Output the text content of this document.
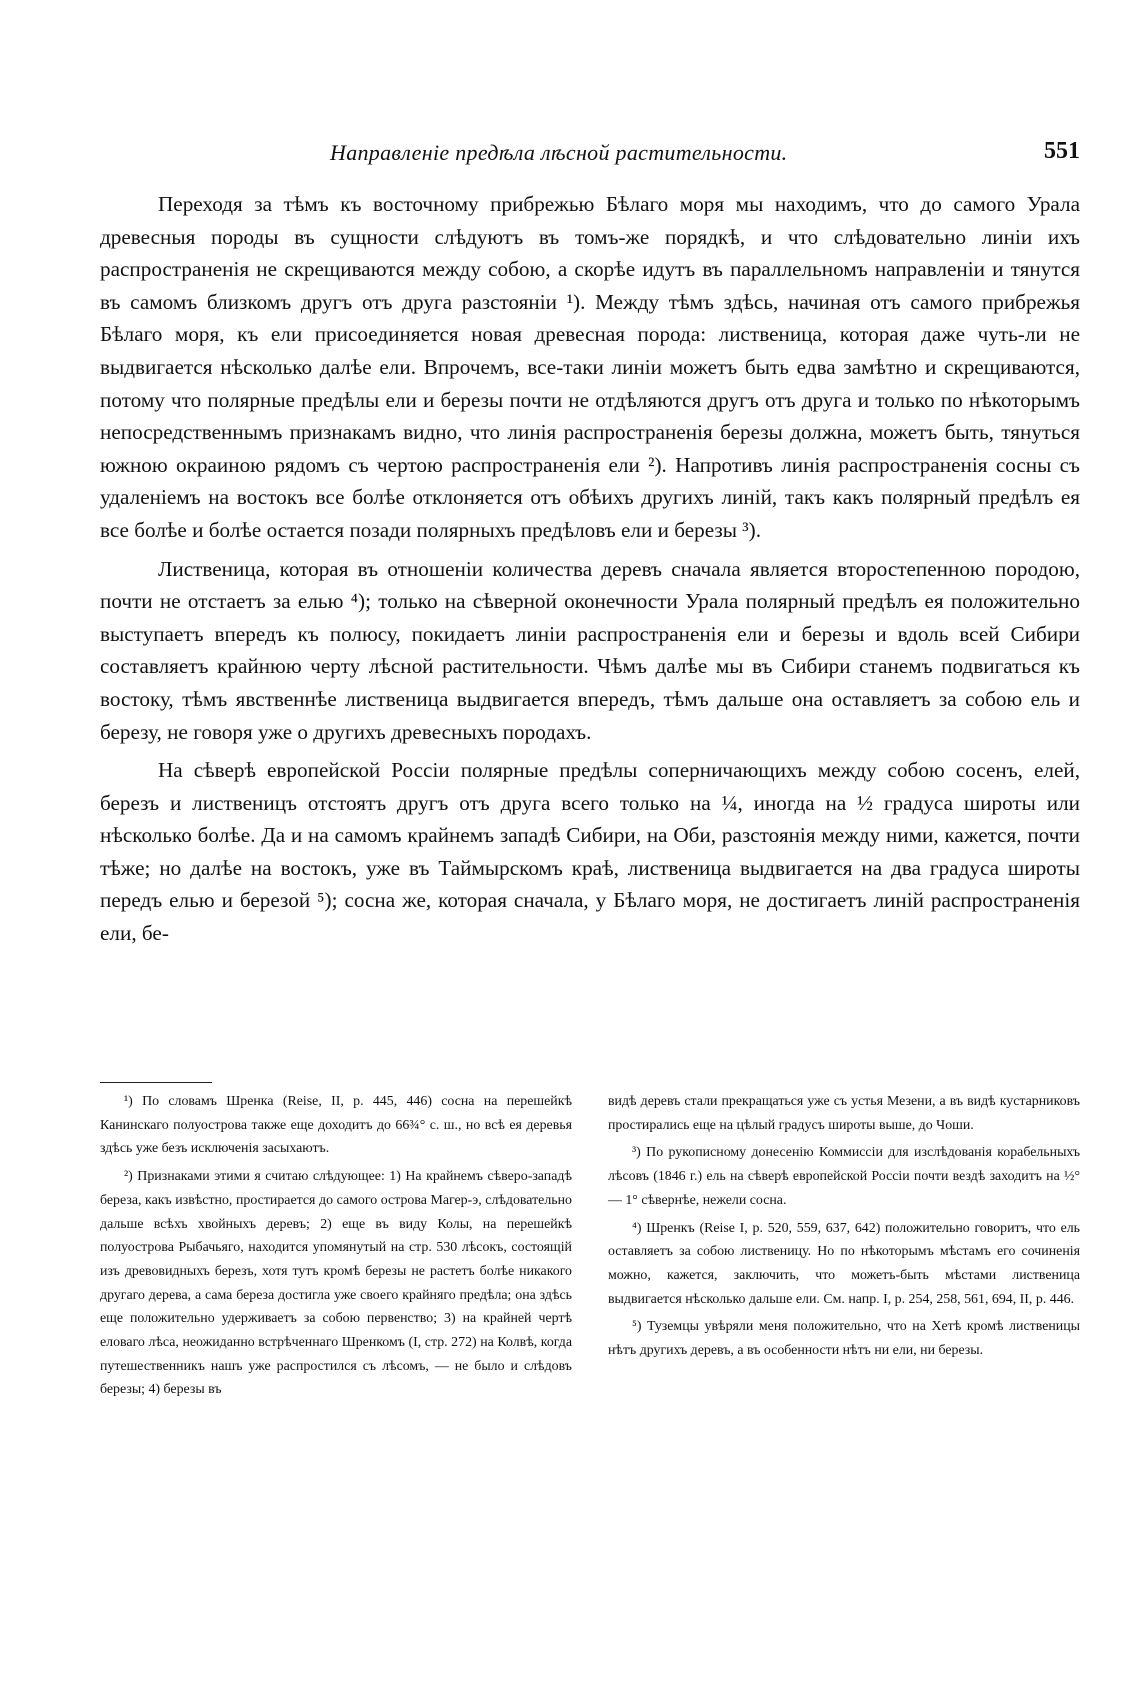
Направленіе предѣла лѣсной растительности.	551

Переходя за тѣмъ къ восточному прибрежью Бѣлаго моря мы находимъ, что до самого Урала древесныя породы въ сущности слѣдуютъ въ томъ-же порядкѣ, и что слѣдовательно линіи ихъ распространенія не скрещиваются между собою, а скорѣе идутъ въ параллельномъ направленіи и тянутся въ самомъ близкомъ другъ отъ друга разстояніи ¹). Между тѣмъ здѣсь, начиная отъ самого прибрежья Бѣлаго моря, къ ели присоединяется новая древесная порода: лиственица, которая даже чуть-ли не выдвигается нѣсколько далѣе ели. Впрочемъ, все-таки линіи можетъ быть едва замѣтно и скрещиваются, потому что полярные предѣлы ели и березы почти не отдѣляются другъ отъ друга и только по нѣкоторымъ непосредственнымъ признакамъ видно, что линія распространенія березы должна, можетъ быть, тянуться южною окраиною рядомъ съ чертою распространенія ели ²). Напротивъ линія распространенія сосны съ удаленіемъ на востокъ все болѣе отклоняется отъ обѣихъ другихъ линій, такъ какъ полярный предѣлъ ея все болѣе и болѣе остается позади полярныхъ предѣловъ ели и березы ³).

Лиственица, которая въ отношеніи количества деревъ сначала является второстепенною породою, почти не отстаетъ за елью ⁴); только на сѣверной оконечности Урала полярный предѣлъ ея положительно выступаетъ впередъ къ полюсу, покидаетъ линіи распространенія ели и березы и вдоль всей Сибири составляетъ крайнюю черту лѣсной растительности. Чѣмъ далѣе мы въ Сибири станемъ подвигаться къ востоку, тѣмъ явственнѣе лиственица выдвигается впередъ, тѣмъ дальше она оставляетъ за собою ель и березу, не говоря уже о другихъ древесныхъ породахъ.

На сѣверѣ европейской Россіи полярные предѣлы соперничающихъ между собою сосенъ, елей, березъ и лиственицъ отстоятъ другъ отъ друга всего только на ¼, иногда на ½ градуса широты или нѣсколько болѣе. Да и на самомъ крайнемъ западѣ Сибири, на Оби, разстоянія между ними, кажется, почти тѣже; но далѣе на востокъ, уже въ Таймырскомъ краѣ, лиственица выдвигается на два градуса широты передъ елью и березой ⁵); сосна же, которая сначала, у Бѣлаго моря, не достигаетъ линій распространенія ели, бе-

¹) По словамъ Шренка (Reise, II, p. 445, 446) сосна на перешейкѣ Канинскаго полуострова также еще доходитъ до 66¾° с. ш., но всѣ ея деревья здѣсь уже безъ исключенія засыхаютъ.

²) Признаками этими я считаю слѣдующее: 1) На крайнемъ сѣверо-западѣ береза, какъ извѣстно, простирается до самого острова Магер-э, слѣдовательно дальше всѣхъ хвойныхъ деревъ; 2) еще въ виду Колы, на перешейкѣ полуострова Рыбачьяго, находится упомянутый на стр. 530 лѣсокъ, состоящій изъ древовидныхъ березъ, хотя тутъ кромѣ березы не растетъ болѣе никакого другаго дерева, а сама береза достигла уже своего крайняго предѣла; она здѣсь еще положительно удерживаетъ за собою первенство; 3) на крайней чертѣ еловаго лѣса, неожиданно встрѣченнаго Шренкомъ (I, стр. 272) на Колвѣ, когда путешественникъ нашъ уже распростился съ лѣсомъ, — не было и слѣдовъ березы; 4) березы въ

видѣ деревъ стали прекращаться уже съ устья Мезени, а въ видѣ кустарниковъ простирались еще на цѣлый градусъ широты выше, до Чоши.

³) По рукописному донесенію Коммиссіи для изслѣдованія корабельныхъ лѣсовъ (1846 г.) ель на сѣверѣ европейской Россіи почти вездѣ заходитъ на ½° — 1° сѣвернѣе, нежели сосна.

⁴) Шренкъ (Reise I, p. 520, 559, 637, 642) положительно говоритъ, что ель оставляетъ за собою лиственицу. Но по нѣкоторымъ мѣстамъ его сочиненія можно, кажется, заключить, что можетъ-быть мѣстами лиственица выдвигается нѣсколько дальше ели. См. напр. I, p. 254, 258, 561, 694, II, p. 446.

⁵) Туземцы увѣряли меня положительно, что на Хетѣ кромѣ лиственицы нѣтъ другихъ деревъ, а въ особенности нѣтъ ни ели, ни березы.
